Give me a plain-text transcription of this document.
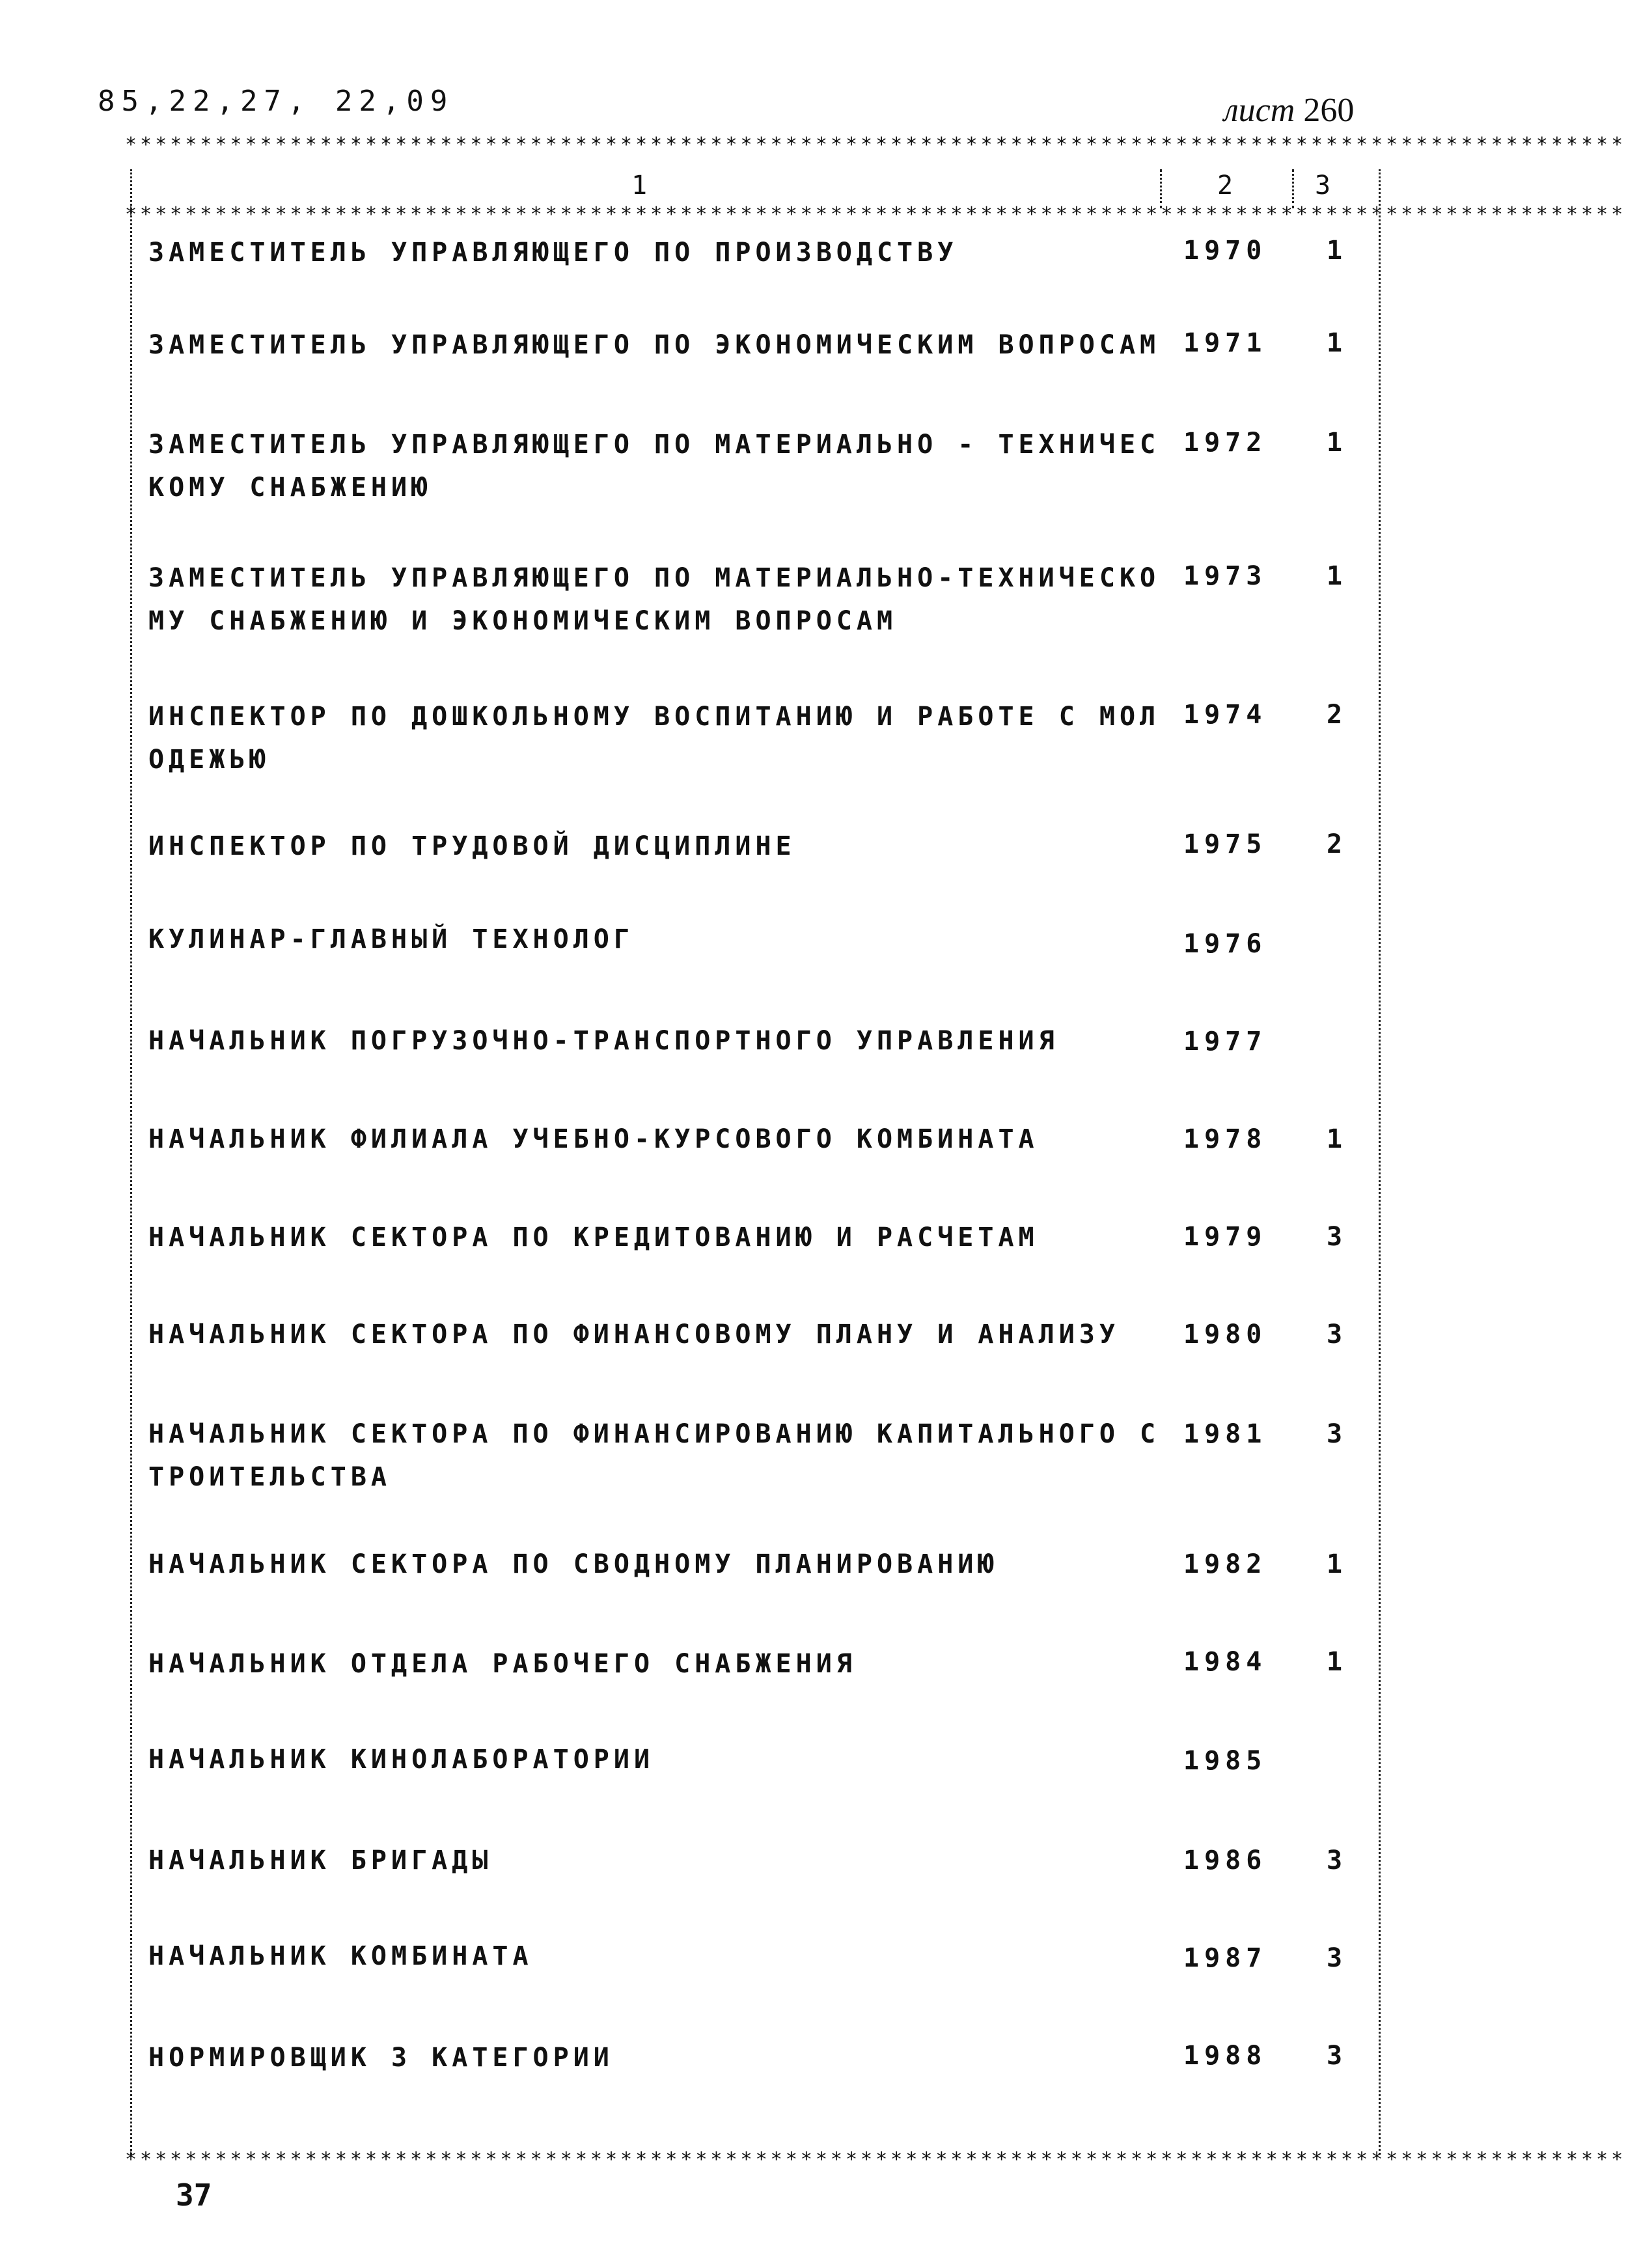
85,22,27, 22,09	лист 260
****************************************************************************************************
1	2	3
****************************************************************************************************
ЗАМЕСТИТЕЛЬ УПРАВЛЯЮЩЕГО ПО ПРОИЗВОДСТВУ	1970	1
ЗАМЕСТИТЕЛЬ УПРАВЛЯЮЩЕГО ПО ЭКОНОМИЧЕСКИМ ВОПРОСАМ 1971	1
ЗАМЕСТИТЕЛЬ УПРАВЛЯЮЩЕГО ПО МАТЕРИАЛЬНО - ТЕХНИЧЕС
КОМУ СНАБЖЕНИЮ
1972	1
ЗАМЕСТИТЕЛЬ УПРАВЛЯЮЩЕГО ПО МАТЕРИАЛЬНО-ТЕХНИЧЕСКО
МУ СНАБЖЕНИЮ И ЭКОНОМИЧЕСКИМ ВОПРОСАМ
1973	1
ИНСПЕКТОР ПО ДОШКОЛЬНОМУ ВОСПИТАНИЮ И РАБОТЕ С МОЛ
ОДЕЖЬЮ
1974	2
ИНСПЕКТОР ПО ТРУДОВОЙ ДИСЦИПЛИНЕ	1975	2
КУЛИНАР-ГЛАВНЫЙ ТЕХНОЛОГ	1976
НАЧАЛЬНИК ПОГРУЗОЧНО-ТРАНСПОРТНОГО УПРАВЛЕНИЯ	1977
НАЧАЛЬНИК ФИЛИАЛА УЧЕБНО-КУРСОВОГО КОМБИНАТА	1978	1
НАЧАЛЬНИК СЕКТОРА ПО КРЕДИТОВАНИЮ И РАСЧЕТАМ	1979	3
НАЧАЛЬНИК СЕКТОРА ПО ФИНАНСОВОМУ ПЛАНУ И АНАЛИЗУ	1980	3
НАЧАЛЬНИК СЕКТОРА ПО ФИНАНСИРОВАНИЮ КАПИТАЛЬНОГО С
ТРОИТЕЛЬСТВА
1981	3
НАЧАЛЬНИК СЕКТОРА ПО СВОДНОМУ ПЛАНИРОВАНИЮ	1982	1
НАЧАЛЬНИК ОТДЕЛА РАБОЧЕГО СНАБЖЕНИЯ	1984	1
НАЧАЛЬНИК КИНОЛАБОРАТОРИИ	1985
НАЧАЛЬНИК БРИГАДЫ	1986	3
НАЧАЛЬНИК КОМБИНАТА	1987	3
НОРМИРОВЩИК 3 КАТЕГОРИИ	1988	3
****************************************************************************************************
37
